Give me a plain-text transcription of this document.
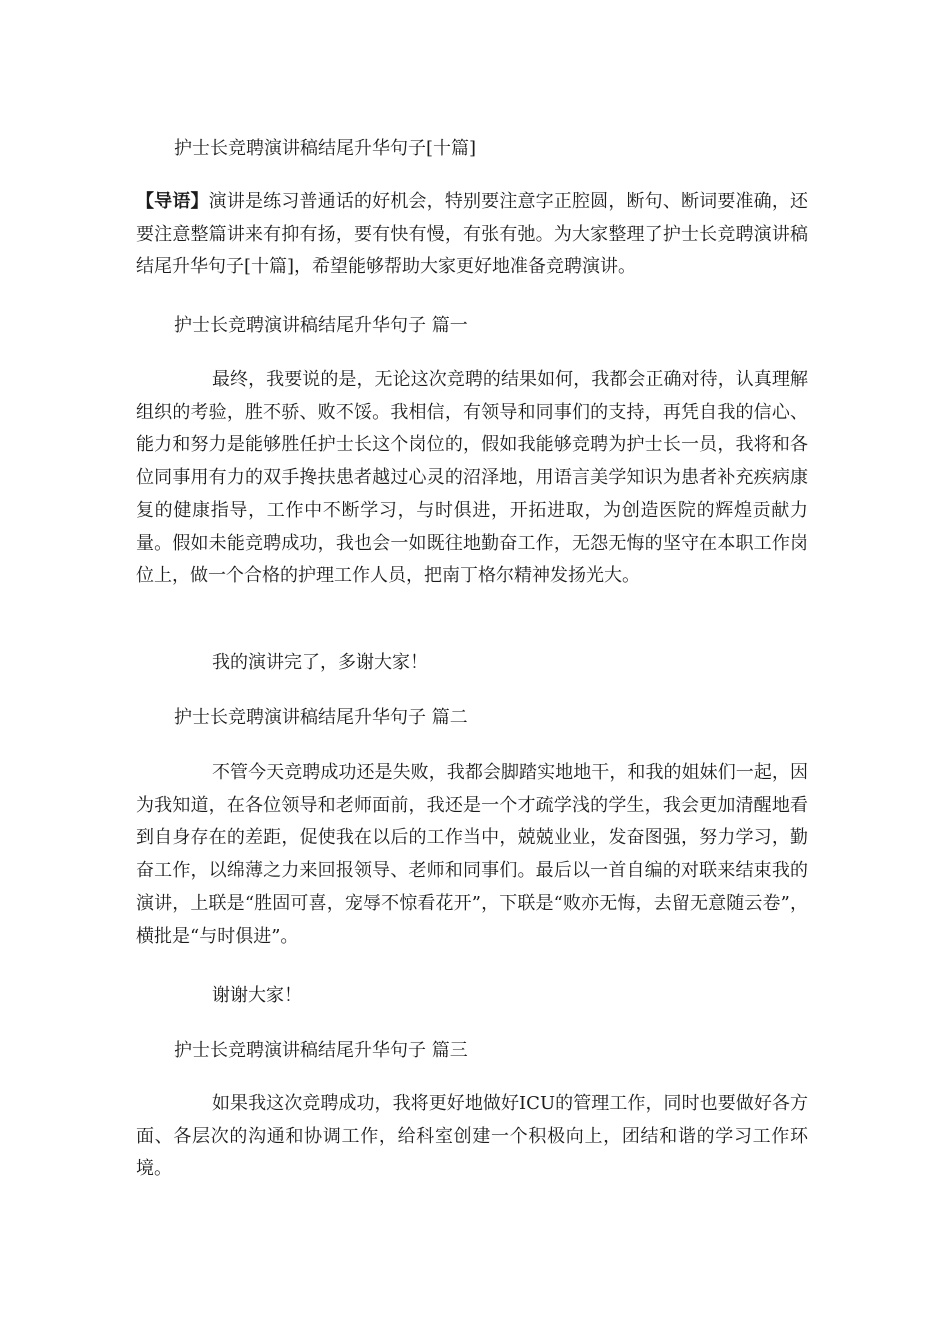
护士长竞聘演讲稿结尾升华句子[十篇]

【导语】演讲是练习普通话的好机会，特别要注意字正腔圆，断句、断词要准确，还要注意整篇讲来有抑有扬，要有快有慢，有张有弛。为大家整理了护士长竞聘演讲稿结尾升华句子[十篇]，希望能够帮助大家更好地准备竞聘演讲。

护士长竞聘演讲稿结尾升华句子 篇一

最终，我要说的是，无论这次竞聘的结果如何，我都会正确对待，认真理解组织的考验，胜不骄、败不馁。我相信，有领导和同事们的支持，再凭自我的信心、能力和努力是能够胜任护士长这个岗位的，假如我能够竞聘为护士长一员，我将和各位同事用有力的双手搀扶患者越过心灵的沼泽地，用语言美学知识为患者补充疾病康复的健康指导，工作中不断学习，与时俱进，开拓进取，为创造医院的辉煌贡献力量。假如未能竞聘成功，我也会一如既往地勤奋工作，无怨无悔的坚守在本职工作岗位上，做一个合格的护理工作人员，把南丁格尔精神发扬光大。

我的演讲完了，多谢大家！

护士长竞聘演讲稿结尾升华句子 篇二

不管今天竞聘成功还是失败，我都会脚踏实地地干，和我的姐妹们一起，因为我知道，在各位领导和老师面前，我还是一个才疏学浅的学生，我会更加清醒地看到自身存在的差距，促使我在以后的工作当中，兢兢业业，发奋图强，努力学习，勤奋工作，以绵薄之力来回报领导、老师和同事们。最后以一首自编的对联来结束我的演讲，上联是“胜固可喜，宠辱不惊看花开”，下联是“败亦无悔，去留无意随云卷”，横批是“与时俱进”。

谢谢大家！

护士长竞聘演讲稿结尾升华句子 篇三

如果我这次竞聘成功，我将更好地做好ICU的管理工作，同时也要做好各方面、各层次的沟通和协调工作，给科室创建一个积极向上，团结和谐的学习工作环境。
